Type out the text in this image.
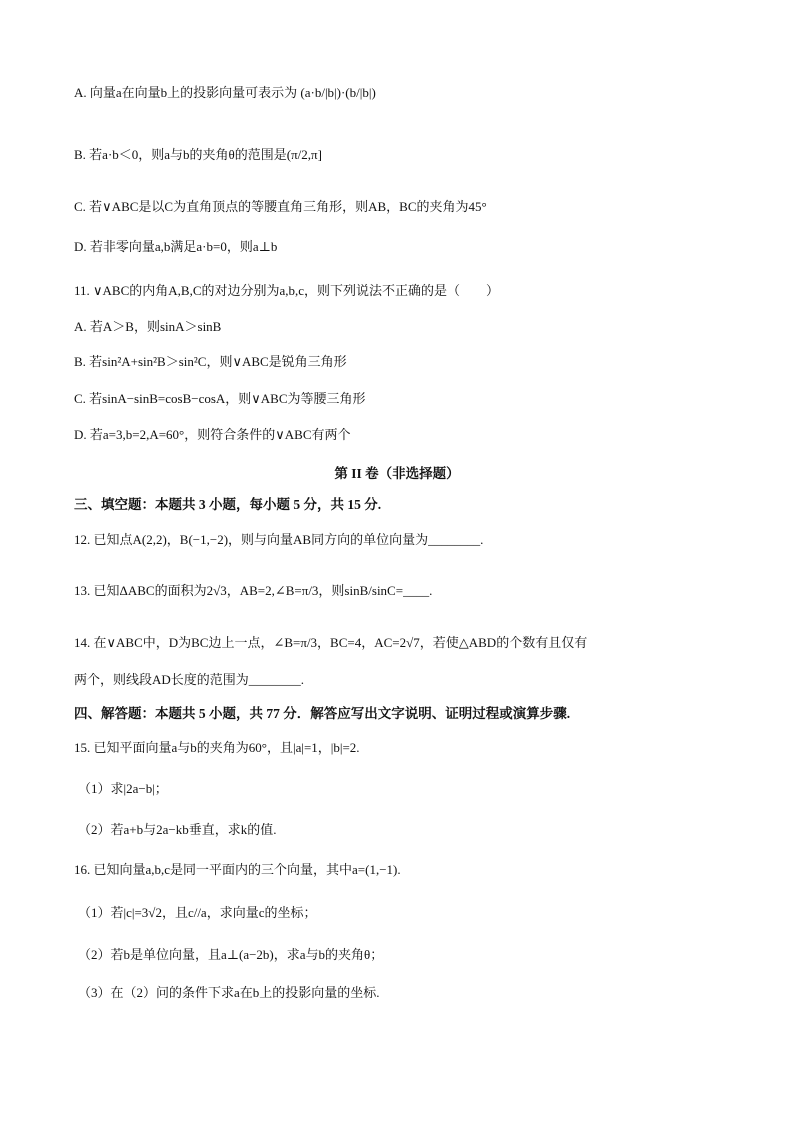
A. 向量a在向量b上的投影向量可表示为 (a·b/|b|)·(b/|b|)
B. 若a·b＜0，则a与b的夹角θ的范围是(π/2,π]
C. 若∨ABC是以C为直角顶点的等腰直角三角形，则AB，BC的夹角为45°
D. 若非零向量a,b满足a·b=0，则a⊥b
11. ∨ABC的内角A,B,C的对边分别为a,b,c，则下列说法不正确的是（　　）
A. 若A＞B，则sinA＞sinB
B. 若sin²A+sin²B＞sin²C，则∨ABC是锐角三角形
C. 若sinA−sinB=cosB−cosA，则∨ABC为等腰三角形
D. 若a=3,b=2,A=60°，则符合条件的∨ABC有两个
第 II 卷（非选择题）
三、填空题：本题共 3 小题，每小题 5 分，共 15 分.
12. 已知点A(2,2)，B(−1,−2)，则与向量AB同方向的单位向量为________.
13. 已知ΔABC的面积为2√3，AB=2,∠B=π/3，则sinB/sinC=____.
14. 在∨ABC中，D为BC边上一点，∠B=π/3，BC=4，AC=2√7，若使△ABD的个数有且仅有
两个，则线段AD长度的范围为________.
四、解答题：本题共 5 小题，共 77 分．解答应写出文字说明、证明过程或演算步骤.
15. 已知平面向量a与b的夹角为60°，且|a|=1，|b|=2.
（1）求|2a−b|；
（2）若a+b与2a−kb垂直，求k的值.
16. 已知向量a,b,c是同一平面内的三个向量，其中a=(1,−1).
（1）若|c|=3√2，且c//a，求向量c的坐标；
（2）若b是单位向量，且a⊥(a−2b)，求a与b的夹角θ；
（3）在（2）问的条件下求a在b上的投影向量的坐标.
